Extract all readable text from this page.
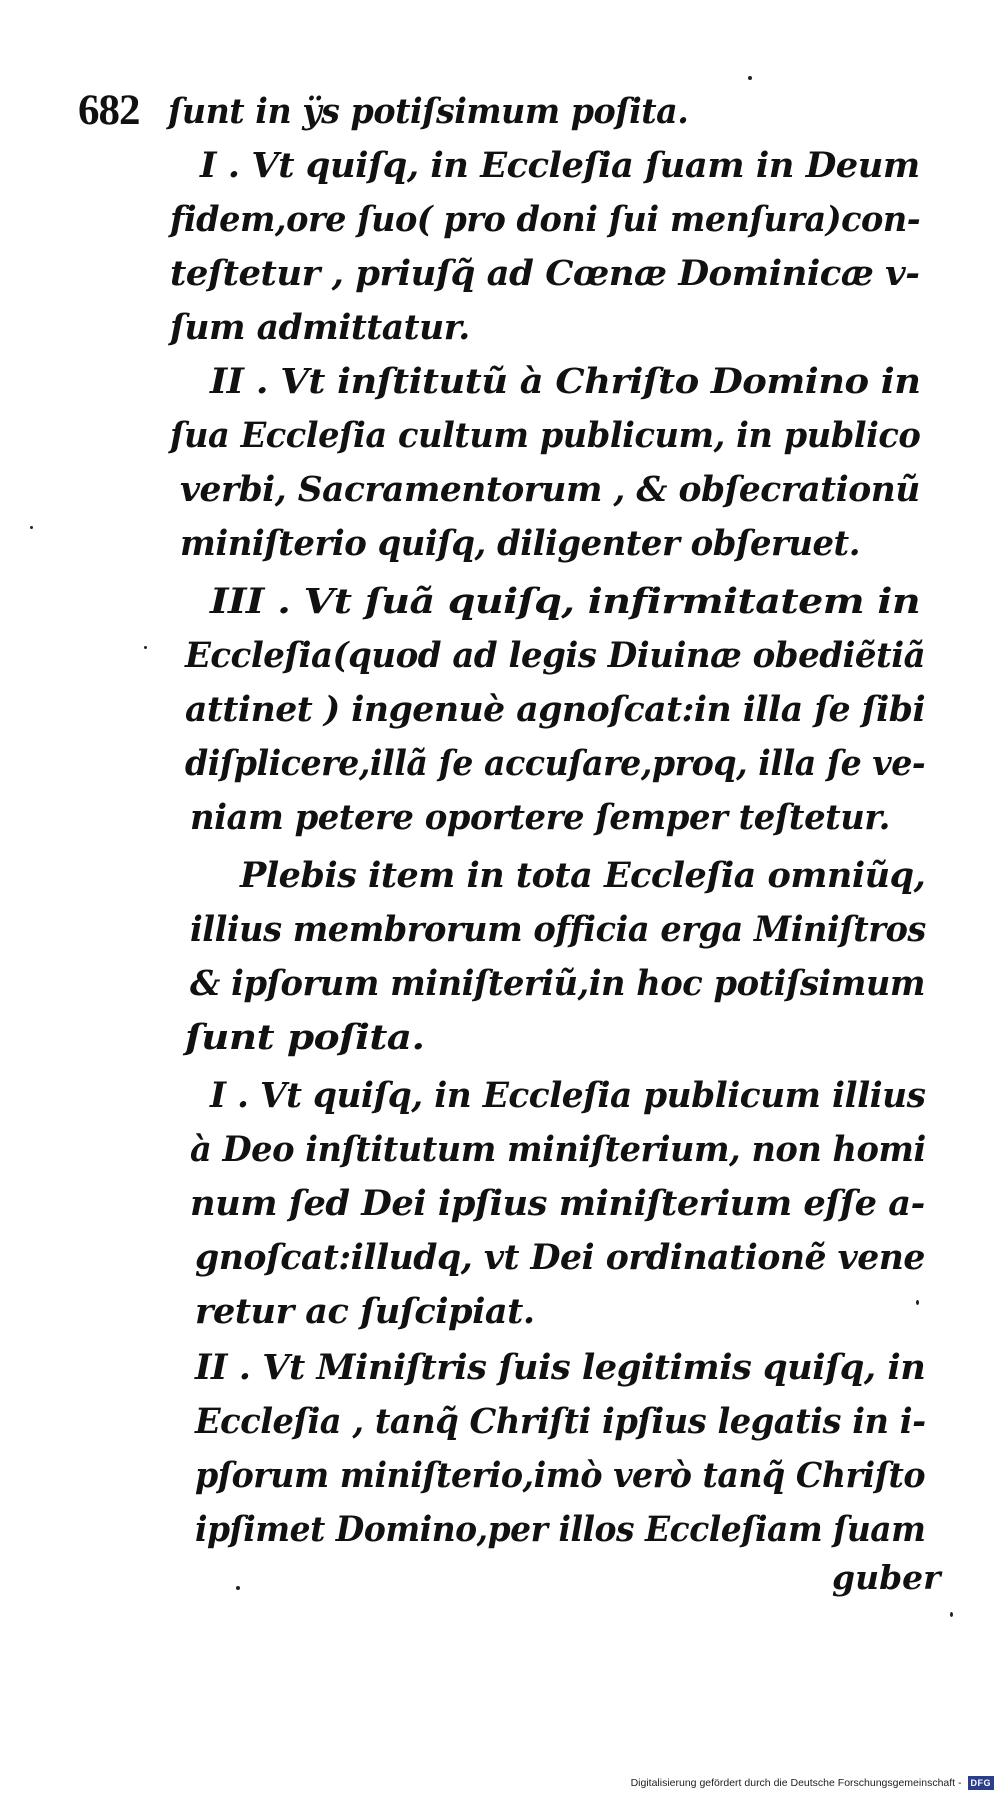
682 ſunt in ÿs potiſsimum poſita.
I . Vt quiſq, in Eccleſia ſuam in Deum
fidem,ore ſuo( pro doni ſui menſura)con-
teſtetur , priuſq̃ ad Cœnæ Dominicæ v-
ſum admittatur.
II . Vt inſtitutũ à Chriſto Domino in
ſua Eccleſia cultum publicum, in publico
verbi, Sacramentorum , & obſecrationũ
miniſterio quiſq, diligenter obſeruet.
III . Vt ſuã quiſq, infirmitatem in
Eccleſia(quod ad legis Diuinæ obediẽtiã
attinet ) ingenuè agnoſcat:in illa ſe ſibi
diſplicere,illã ſe accuſare,proq, illa ſe ve-
niam petere oportere ſemper teſtetur.
Plebis item in tota Eccleſia omniũq,
illius membrorum officia erga Miniſtros
& ipſorum miniſteriũ,in hoc potiſsimum
ſunt poſita.
I . Vt quiſq, in Eccleſia publicum illius
à Deo inſtitutum miniſterium, non homi
num ſed Dei ipſius miniſterium eſſe a-
gnoſcat:illudq, vt Dei ordinationẽ vene
retur ac ſuſcipiat.
II . Vt Miniſtris ſuis legitimis quiſq, in
Eccleſia , tanq̃ Chriſti ipſius legatis in i-
pſorum miniſterio,imò verò tanq̃ Chriſto
ipſimet Domino,per illos Eccleſiam ſuam
guber
Digitalisierung gefördert durch die Deutsche Forschungsgemeinschaft -	DFG
